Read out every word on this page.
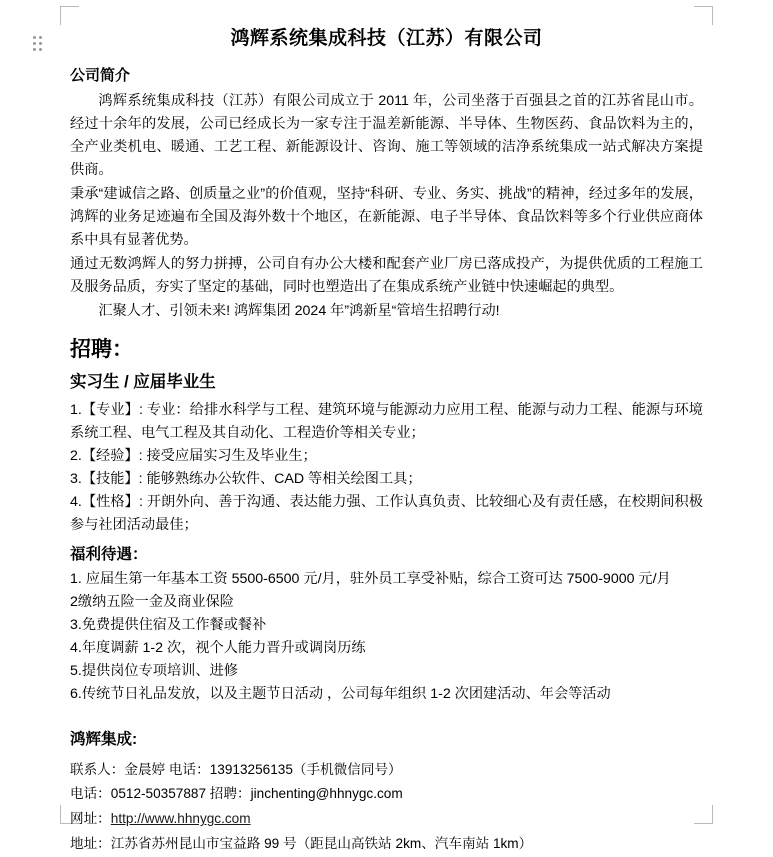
鸿辉系统集成科技（江苏）有限公司
公司简介

鸿辉系统集成科技（江苏）有限公司成立于 2011 年，公司坐落于百强县之首的江苏省昆山市。经过十余年的发展，公司已经成长为一家专注于温差新能源、半导体、生物医药、食品饮料为主的，全产业类机电、暖通、工艺工程、新能源设计、咨询、施工等领域的洁净系统集成一站式解决方案提供商。

秉承“建诚信之路、创质量之业”的价值观，坚持“科研、专业、务实、挑战”的精神，经过多年的发展，鸿辉的业务足迹遍布全国及海外数十个地区，在新能源、电子半导体、食品饮料等多个行业供应商体系中具有显著优势。

通过无数鸿辉人的努力拼搏，公司自有办公大楼和配套产业厂房已落成投产，为提供优质的工程施工及服务品质，夯实了坚定的基础，同时也塑造出了在集成系统产业链中快速崛起的典型。

汇聚人才、引领未来! 鸿辉集团 2024 年”鸿新星“管培生招聘行动!

招聘：
实习生 / 应届毕业生

1.【专业】: 专业：给排水科学与工程、建筑环境与能源动力应用工程、能源与动力工程、能源与环境系统工程、电气工程及其自动化、工程造价等相关专业；

2.【经验】: 接受应届实习生及毕业生；

3.【技能】: 能够熟练办公软件、CAD 等相关绘图工具；

4.【性格】: 开朗外向、善于沟通、表达能力强、工作认真负责、比较细心及有责任感，在校期间积极参与社团活动最佳；

福利待遇：

1. 应届生第一年基本工资 5500-6500 元/月，驻外员工享受补贴，综合工资可达 7500-9000 元/月

2缴纳五险一金及商业保险

3.免费提供住宿及工作餐或餐补

4.年度调薪 1-2 次，视个人能力晋升或调岗历练

5.提供岗位专项培训、进修

6.传统节日礼品发放，以及主题节日活动 ，公司每年组织 1-2 次团建活动、年会等活动

鸿辉集成:

联系人：金晨婷 电话：13913256135（手机微信同号）

电话：0512-50357887 招聘：jinchenting@hhnygc.com

网址：http://www.hhnygc.com

地址：江苏省苏州昆山市宝益路 99 号（距昆山高铁站 2km、汽车南站 1km）
